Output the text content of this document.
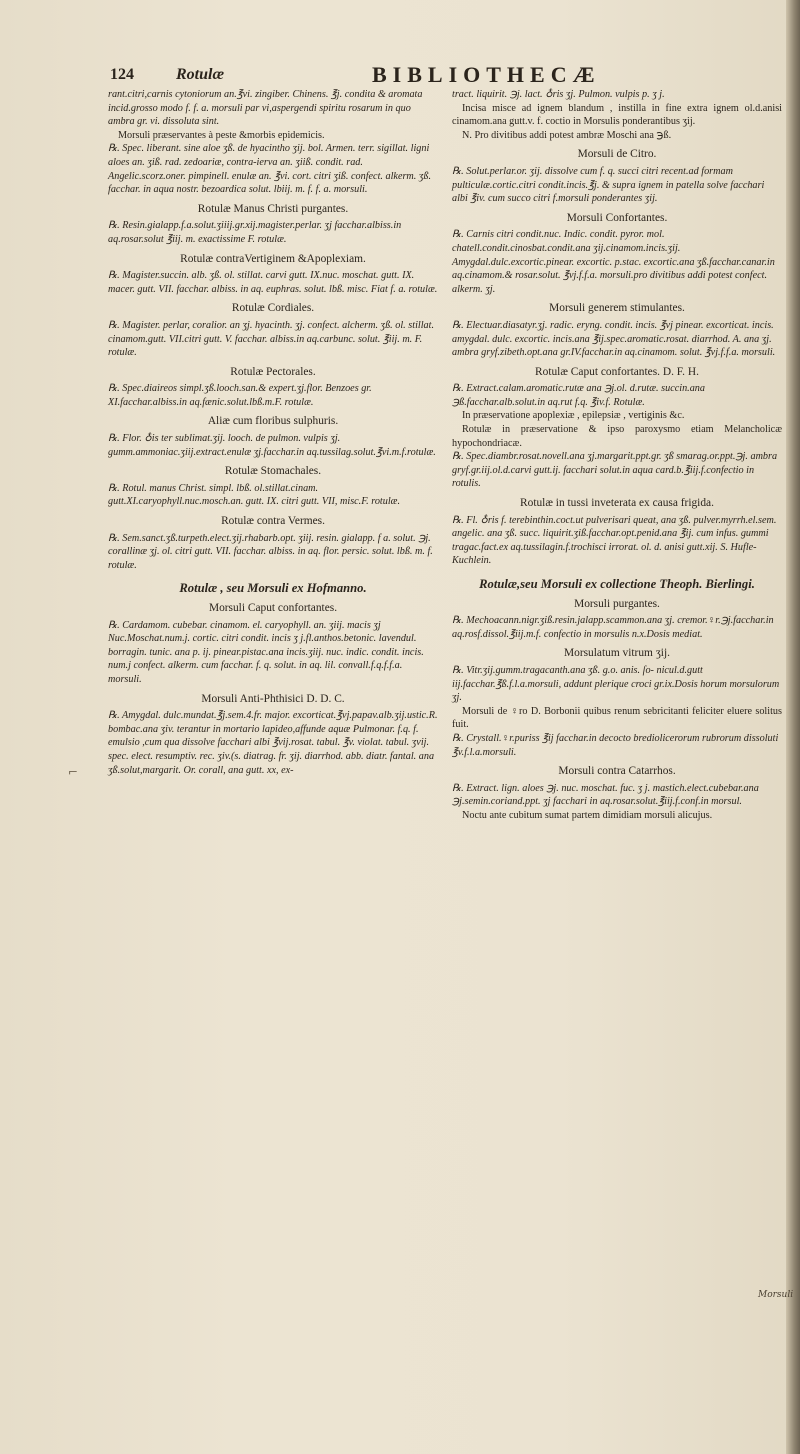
124	Rotulæ	BIBLIOTHECÆ

rant.citri,carnis cytoniorum an.℥vi. zingiber. Chinens. ℥j. condita & aromata incid.grosso modo f. f. a. morsuli par vi,aspergendi spiritu rosarum in quo ambra gr. vi. dissoluta sint.

Morsuli præservantes à peste &morbis epidemicis.

℞. Spec. liberant. sine aloe ʒß. de hyacintho ʒij. bol. Armen. terr. sigillat. ligni aloes an. ʒiß. rad. zedoariæ, contra-ierva an. ʒiiß. condit. rad. Angelic.scorz.oner. pimpinell. enulæ an. ℥vi. cort. citri ʒiß. confect. alkerm. ʒß. facchar. in aqua nostr. bezoardica solut. lbiij. m. f. f. a. morsuli.

Rotulæ Manus Christi purgantes.

℞. Resin.gialapp.f.a.solut.ʒiiij.gr.xij.magister.perlar. ʒj facchar.albiss.in aq.rosar.solut ℥iij. m. exactissime F. rotulæ.

Rotulæ contraVertiginem &Apoplexiam.

℞. Magister.succin. alb. ʒß. ol. stillat. carvi gutt. IX.nuc. moschat. gutt. IX. macer. gutt. VII. facchar. albiss. in aq. euphras. solut. lbß. misc. Fiat f. a. rotulæ.

Rotulæ Cordiales.

℞. Magister. perlar, coralior. an ʒj. hyacinth. ʒj. confect. alcherm. ʒß. ol. stillat. cinamom.gutt. VII.citri gutt. V. facchar. albiss.in aq.carbunc. solut. ℥iij. m. F. rotulæ.

Rotulæ Pectorales.

℞. Spec.diaireos simpl.ʒß.looch.san.& expert.ʒj.flor. Benzoes gr. XI.facchar.albiss.in aq.fænic.solut.lbß.m.F. rotulæ.

Aliæ cum floribus sulphuris.

℞. Flor. ♁is ter sublimat.ʒij. looch. de pulmon. vulpis ʒj. gumm.ammoniac.ʒiij.extract.enulæ ʒj.facchar.in aq.tussilag.solut.℥vi.m.f.rotulæ.

Rotulæ Stomachales.

℞. Rotul. manus Christ. simpl. lbß. ol.stillat.cinam. gutt.XI.caryophyll.nuc.mosch.an. gutt. IX. citri gutt. VII, misc.F. rotulæ.

Rotulæ contra Vermes.

℞. Sem.sanct.ʒß.turpeth.elect.ʒij.rhabarb.opt. ʒiij. resin. gialapp. f a. solut. ℈j. corallinæ ʒj. ol. citri gutt. VII. facchar. albiss. in aq. flor. persic. solut. lbß. m. f. rotulæ.

Rotulæ , seu Morsuli ex Hofmanno.

Morsuli Caput confortantes.

℞. Cardamom. cubebar. cinamom. el. caryophyll. an. ʒiij. macis ʒj Nuc.Moschat.num.j. cortic. citri condit. incis ʒ j.fl.anthos.betonic. lavendul. borragin. tunic. ana p. ij. pinear.pistac.ana incis.ʒiij. nuc. indic. condit. incis. num.j confect. alkerm. cum facchar. f. q. solut. in aq. lil. convall.f.q.f.f.a. morsuli.

Morsuli Anti-Phthisici D. D. C.

℞. Amygdal. dulc.mundat.℥j.sem.4.fr. major. excorticat.℥vj.papav.alb.ʒij.ustic.R. bombac.ana ʒiv. terantur in mortario lapideo,affunde aquæ Pulmonar. f.q. f. emulsio ,cum qua dissolve facchari albi ℥vij.rosat. tabul. ℥v. violat. tabul. ʒvij. spec. elect. resumptiv. rec. ʒiv.(s. diatrag. fr. ʒij. diarrhod. abb. diatr. fantal. ana ʒß.solut,margarit. Or. corall, ana gutt. xx, ex-

tract. liquirit. ℈j. lact. ♁ris ʒj. Pulmon. vulpis p. ʒ j.

Incisa misce ad ignem blandum , instilla in fine extra ignem ol.d.anisi cinamom.ana gutt.v. f. coctio in Morsulis ponderantibus ʒij.

N. Pro divitibus addi potest ambræ Moschi ana ℈ß.

Morsuli de Citro.

℞. Solut.perlar.or. ʒij. dissolve cum f. q. succi citri recent.ad formam pulticulæ.cortic.citri condit.incis.℥j. & supra ignem in patella solve facchari albi ℥iv. cum succo citri f.morsuli ponderantes ʒij.

Morsuli Confortantes.

℞. Carnis citri condit.nuc. Indic. condit. pyror. mol. chatell.condit.cinosbat.condit.ana ʒij.cinamom.incis.ʒij. Amygdal.dulc.excortic.pinear. excortic. p.stac. excortic.ana ʒß.facchar.canar.in aq.cinamom.& rosar.solut. ℥vj.f.f.a. morsuli.pro divitibus addi potest confect. alkerm. ʒj.

Morsuli generem stimulantes.

℞. Electuar.diasatyr.ʒj. radic. eryng. condit. incis. ℥vj pinear. excorticat. incis. amygdal. dulc. excortic. incis.ana ℥ij.spec.aromatic.rosat. diarrhod. A. ana ʒj. ambra gryf.zibeth.opt.ana gr.IV.facchar.in aq.cinamom. solut. ℥vj.f.f.a. morsuli.

Rotulæ Caput confortantes. D. F. H.

℞. Extract.calam.aromatic.rutæ ana ℈j.ol. d.rutæ. succin.ana ℈ß.facchar.alb.solut.in aq.rut f.q. ℥iv.f. Rotulæ.

In præservatione apoplexiæ , epilepsiæ , vertiginis &c.

Rotulæ in præservatione & ipso paroxysmo etiam Melancholicæ hypochondriacæ.

℞. Spec.diambr.rosat.novell.ana ʒj.margarit.ppt.gr. ʒß smarag.or.ppt.℈j. ambra gryf.gr.iij.ol.d.carvi gutt.ij. facchari solut.in aqua card.b.℥iij.f.confectio in rotulis.

Rotulæ in tussi inveterata ex causa frigida.

℞. Fl. ♁ris f. terebinthin.coct.ut pulverisari queat, ana ʒß. pulver.myrrh.el.sem. angelic. ana ʒß. succ. liquirit.ʒiß.facchar.opt.penid.ana ℥ij. cum infus. gummi tragac.fact.ex aq.tussilagin.f.trochisci irrorat. ol. d. anisi gutt.xij. S. Hufle-Kuchlein.

Rotulæ,seu Morsuli ex collectione Theoph. Bierlingi.

Morsuli purgantes.

℞. Mechoacann.nigr.ʒiß.resin.jalapp.scammon.ana ʒj. cremor.♀r.℈j.facchar.in aq.rosf.dissol.℥iij.m.f. confectio in morsulis n.x.Dosis mediat.

Morsulatum vitrum ʒij.

℞. Vitr.ʒij.gumm.tragacanth.ana ʒß. g.o. anis. ſo- nicul.d.gutt iij.facchar.℥ß.f.l.a.morsuli, addunt plerique croci gr.ix.Dosis horum morsulorum ʒj.

Morsuli de ♀ro D. Borbonii quibus renum sebricitanti feliciter eluere solitus fuit.

℞. Crystall.♀r.puriss ℥ij facchar.in decocto brediolicerorum rubrorum dissoluti ℥v.f.l.a.morsuli.

Morsuli contra Catarrhos.

℞. Extract. lign. aloes ℈j. nuc. moschat. fuc. ʒ j. mastich.elect.cubebar.ana ℈j.semin.coriand.ppt. ʒj facchari in aq.rosar.solut.℥iij.f.conf.in morsul.

Noctu ante cubitum sumat partem dimidiam morsuli alicujus.

⌐
Morsuli
